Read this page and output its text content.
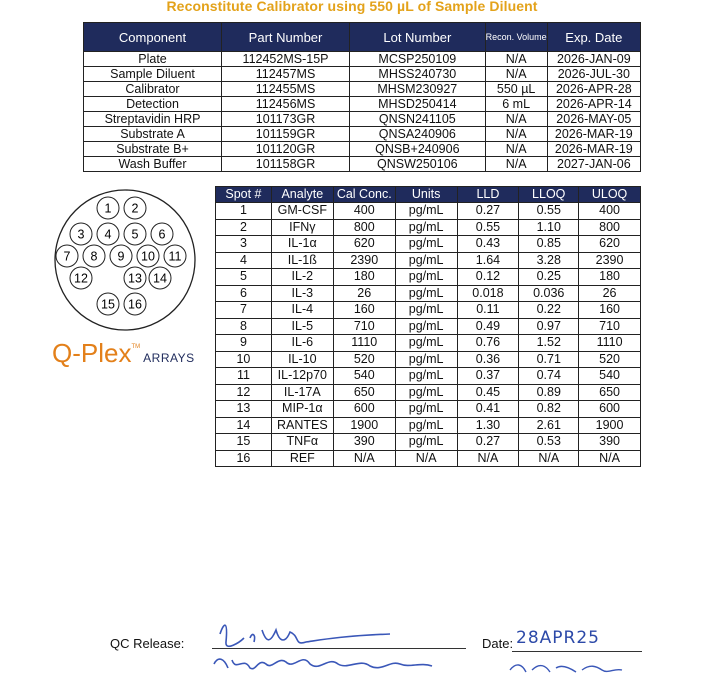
Reconstitute Calibrator using 550 µL of Sample Diluent
Component	Part Number	Lot Number	Recon. Volume	Exp. Date
Plate	112452MS-15P	MCSP250109	N/A	2026-JAN-09
Sample Diluent	112457MS	MHSS240730	N/A	2026-JUL-30
Calibrator	112455MS	MHSM230927	550 µL	2026-APR-28
Detection	112456MS	MHSD250414	6 mL	2026-APR-14
Streptavidin HRP	101173GR	QNSN241105	N/A	2026-MAY-05
Substrate A	101159GR	QNSA240906	N/A	2026-MAR-19
Substrate B+	101120GR	QNSB+240906	N/A	2026-MAR-19
Wash Buffer	101158GR	QNSW250106	N/A	2027-JAN-06
1 2
3 4 5 6
7 8 9 10 11
12	13 14
15 16
Q - Plex TM
ARRAYS
Spot #	Analyte	Cal Conc.	Units	LLD	LLOQ	ULOQ
1	GM-CSF	400	pg/mL	0.27	0.55	400
2	IFNγ	800	pg/mL	0.55	1.10	800
3	IL-1α	620	pg/mL	0.43	0.85	620
4	IL-1ß	2390	pg/mL	1.64	3.28	2390
5	IL-2	180	pg/mL	0.12	0.25	180
6	IL-3	26	pg/mL	0.018	0.036	26
7	IL-4	160	pg/mL	0.11	0.22	160
8	IL-5	710	pg/mL	0.49	0.97	710
9	IL-6	1110	pg/mL	0.76	1.52	1110
10	IL-10	520	pg/mL	0.36	0.71	520
11	IL-12p70	540	pg/mL	0.37	0.74	540
12	IL-17A	650	pg/mL	0.45	0.89	650
13	MIP-1α	600	pg/mL	0.41	0.82	600
14	RANTES	1900	pg/mL	1.30	2.61	1900
15	TNFα	390	pg/mL	0.27	0.53	390
16	REF	N/A	N/A	N/A	N/A	N/A
QC Release:	Date: 28APR25
